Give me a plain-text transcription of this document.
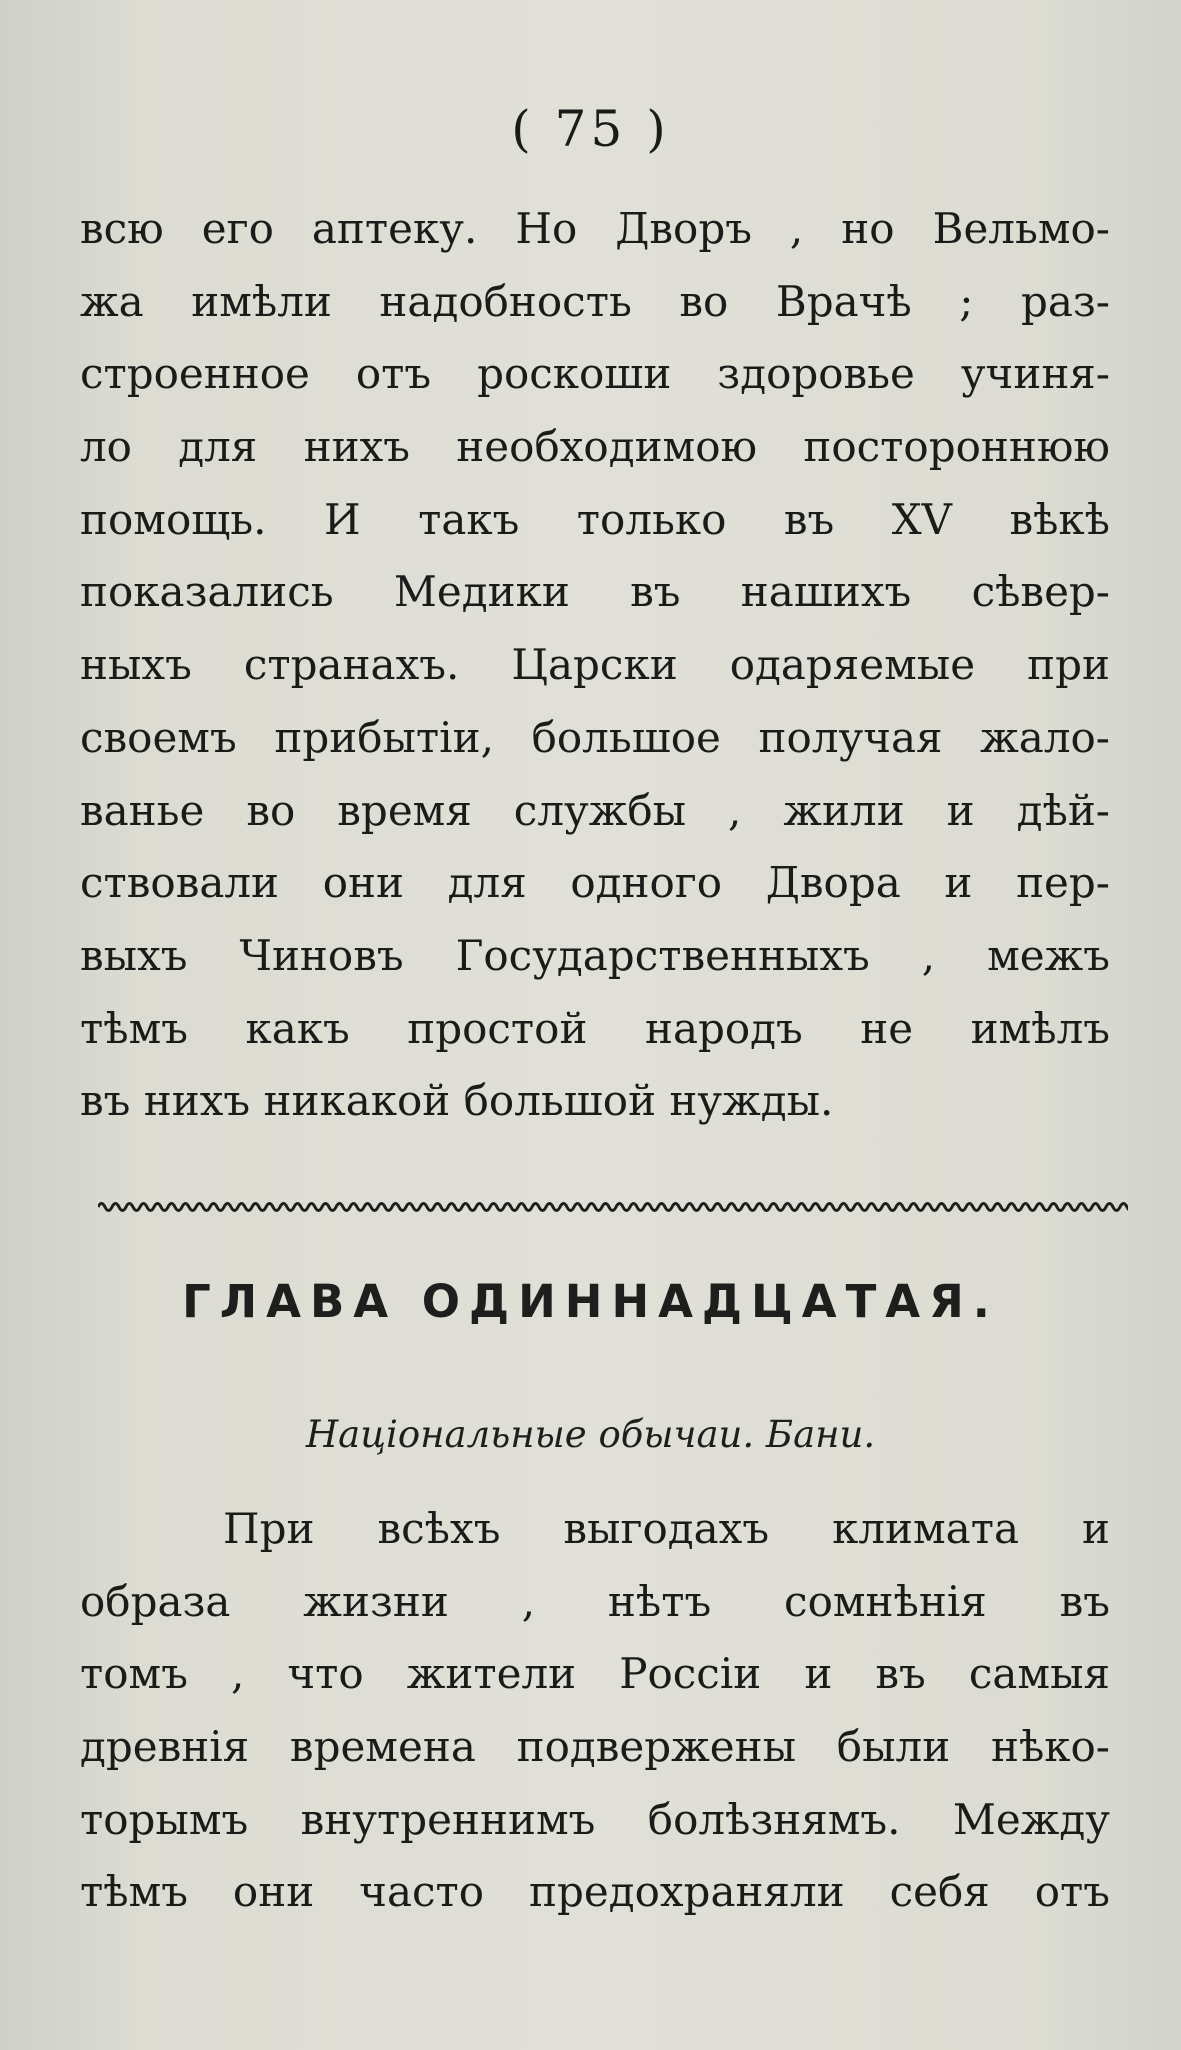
( 75 )
всю его аптеку. Но Дворъ , но Вельмо-
жа имѣли надобность во Врачѣ ; раз-
строенное отъ роскоши здоровье учиня-
ло для нихъ необходимою постороннюю
помощь. И такъ только въ XV вѣкѣ
показались Медики въ нашихъ сѣвер-
ныхъ странахъ. Царски одаряемые при
своемъ прибытіи, большое получая жало-
ванье во время службы , жили и дѣй-
ствовали они для одного Двора и пер-
выхъ Чиновъ Государственныхъ , межъ
тѣмъ какъ простой народъ не имѣлъ
въ нихъ никакой большой нужды.
ГЛАВА ОДИННАДЦАТАЯ.
Національные обычаи. Бани.
При всѣхъ выгодахъ климата и
образа жизни , нѣтъ сомнѣнія въ
томъ , что жители Россіи и въ самыя
древнія времена подвержены были нѣко-
торымъ внутреннимъ болѣзнямъ. Между
тѣмъ они часто предохраняли себя отъ
